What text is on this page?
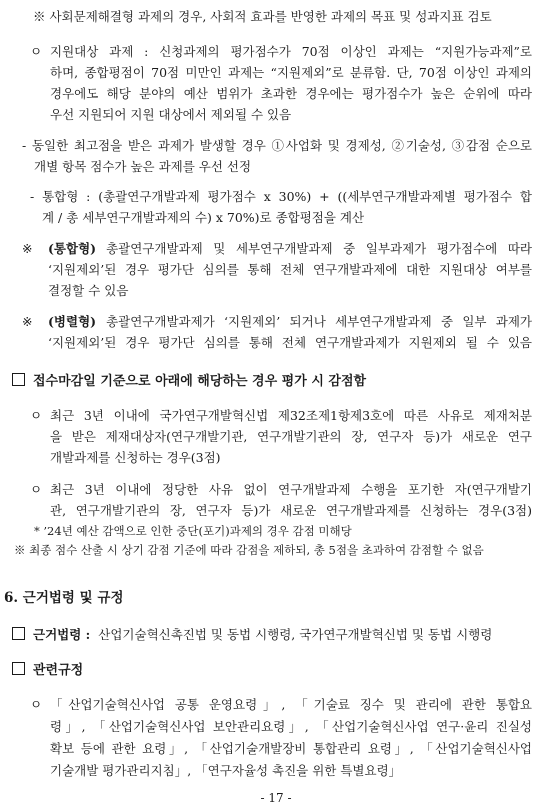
※ 사회문제해결형 과제의 경우, 사회적 효과를 반영한 과제의 목표 및 성과지표 검토
ㅇ 지원대상 과제 : 신청과제의 평가점수가 70점 이상인 과제는 “지원가능과제”로
하며, 종합평점이 70점 미만인 과제는 “지원제외”로 분류함. 단, 70점 이상인 과제의
경우에도 해당 분야의 예산 범위가 초과한 경우에는 평가점수가 높은 순위에 따라
우선 지원되어 지원 대상에서 제외될 수 있음
- 동일한 최고점을 받은 과제가 발생할 경우 ①사업화 및 경제성, ②기술성, ③감점 순으로
개별 항목 점수가 높은 과제를 우선 선정
- 통합형 : (총괄연구개발과제 평가점수 x 30%) + ((세부연구개발과제별 평가점수 합
계 / 총 세부연구개발과제의 수) x 70%)로 종합평점을 계산
※ (통합형) 총괄연구개발과제 및 세부연구개발과제 중 일부과제가 평가점수에 따라
‘지원제외’된 경우 평가단 심의를 통해 전체 연구개발과제에 대한 지원대상 여부를
결정할 수 있음
※ (병렬형) 총괄연구개발과제가 ‘지원제외’ 되거나 세부연구개발과제 중 일부 과제가
‘지원제외’된 경우 평가단 심의를 통해 전체 연구개발과제가 지원제외 될 수 있음
접수마감일 기준으로 아래에 해당하는 경우 평가 시 감점함
ㅇ 최근 3년 이내에 국가연구개발혁신법 제32조제1항제3호에 따른 사유로 제재처분
을 받은 제재대상자(연구개발기관, 연구개발기관의 장, 연구자 등)가 새로운 연구
개발과제를 신청하는 경우(3점)
ㅇ 최근 3년 이내에 정당한 사유 없이 연구개발과제 수행을 포기한 자(연구개발기
관, 연구개발기관의 장, 연구자 등)가 새로운 연구개발과제를 신청하는 경우(3점)
* ’24년 예산 감액으로 인한 중단(포기)과제의 경우 감점 미해당
※ 최종 점수 산출 시 상기 감점 기준에 따라 감점을 제하되, 총 5점을 초과하여 감점할 수 없음
6. 근거법령 및 규정
근거법령 : 산업기술혁신촉진법 및 동법 시행령, 국가연구개발혁신법 및 동법 시행령
관련규정
ㅇ 「산업기술혁신사업 공통 운영요령」, 「기술료 징수 및 관리에 관한 통합요
령」, 「산업기술혁신사업 보안관리요령」, 「산업기술혁신사업 연구·윤리 진실성
확보 등에 관한 요령」, 「산업기술개발장비 통합관리 요령」, 「산업기술혁신사업
기술개발 평가관리지침」, 「연구자율성 촉진을 위한 특별요령」
- 17 -
